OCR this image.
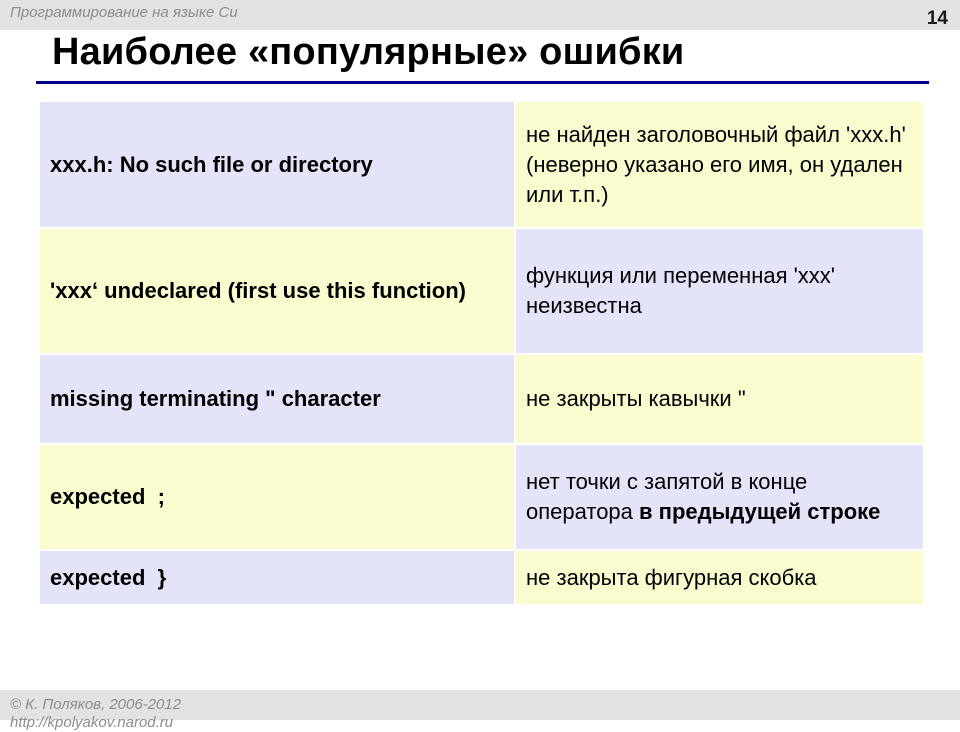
Программирование на языке Си	14
Наиболее «популярные» ошибки
xxx.h: No such file or directory	не найден заголовочный файл 'xxx.h' (неверно указано его имя, он удален или т.п.)
'xxx‘ undeclared (first use this function)	функция или переменная 'xxx' неизвестна
missing terminating " character	не закрыты кавычки "
expected  ;	нет точки с запятой в конце оператора в предыдущей строке
expected  }	не закрыта фигурная скобка
© К. Поляков, 2006-2012
http://kpolyakov.narod.ru
